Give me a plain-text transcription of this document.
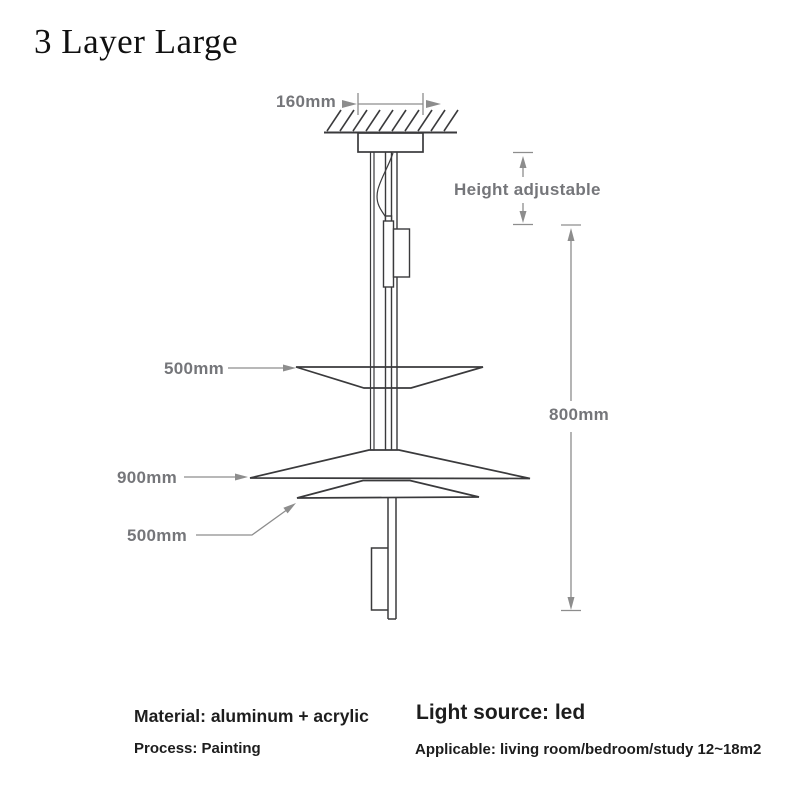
3 Layer Large
160mm
Height adjustable
800mm
500mm
900mm
500mm
Material: aluminum + acrylic
Process: Painting
Light source: led
Applicable: living room/bedroom/study 12~18m2
